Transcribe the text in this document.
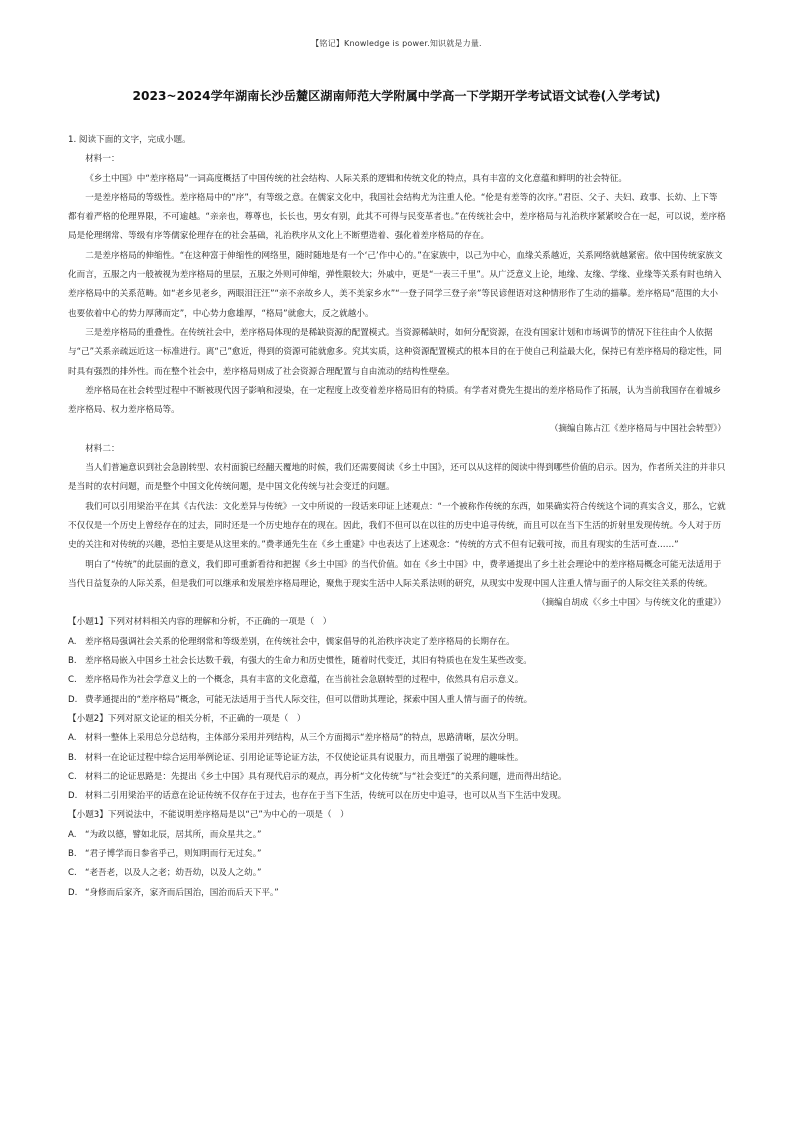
【铭记】Knowledge is power.知识就是力量.
2023~2024学年湖南长沙岳麓区湖南师范大学附属中学高一下学期开学考试语文试卷(入学考试)

1. 阅读下面的文字，完成小题。

材料一：

《乡土中国》中“差序格局”一词高度概括了中国传统的社会结构、人际关系的逻辑和传统文化的特点，具有丰富的文化意蕴和鲜明的社会特征。

一是差序格局的等级性。差序格局中的“序”，有等级之意。在儒家文化中，我国社会结构尤为注重人伦。“伦是有差等的次序。”君臣、父子、夫妇、政事、长幼、上下等都有着严格的伦理界限，不可逾越。“亲亲也，尊尊也，长长也，男女有别，此其不可得与民变革者也。”在传统社会中，差序格局与礼治秩序紧紧咬合在一起，可以说，差序格局是伦理纲常、等级有序等儒家伦理存在的社会基础，礼治秩序从文化上不断塑造着、强化着差序格局的存在。

二是差序格局的伸缩性。“在这种富于伸缩性的网络里，随时随地是有一个‘己’作中心的。”在家族中，以己为中心，血缘关系越近，关系网络就越紧密。依中国传统家族文化而言，五服之内一般被视为差序格局的里层，五服之外则可伸缩，弹性限较大；外戚中，更是“一表三千里”。从广泛意义上论，地缘、友缘、学缘、业缘等关系有时也纳入差序格局中的关系范畴。如“老乡见老乡，两眼泪汪汪”“亲不亲故乡人，美不美家乡水”“一登子同学三登子亲”等民谚俚语对这种情形作了生动的描摹。差序格局“范围的大小也要依着中心的势力厚薄而定”，中心势力愈雄厚，“格局”就愈大，反之就越小。

三是差序格局的重叠性。在传统社会中，差序格局体现的是稀缺资源的配置模式。当资源稀缺时，如何分配资源，在没有国家计划和市场调节的情况下往往由个人依据与“己”关系亲疏远近这一标准进行。离“己”愈近，得到的资源可能就愈多。究其实质，这种资源配置模式的根本目的在于使自己利益最大化，保持已有差序格局的稳定性，同时具有强烈的排外性。而在整个社会中，差序格局则成了社会资源合理配置与自由流动的结构性壁垒。

差序格局在社会转型过程中不断被现代因子影响和浸染，在一定程度上改变着差序格局旧有的特质。有学者对费先生提出的差序格局作了拓展，认为当前我国存在着城乡差序格局、权力差序格局等。

（摘编自陈占江《差序格局与中国社会转型》）

材料二：

当人们普遍意识到社会急剧转型、农村面貌已经翻天覆地的时候，我们还需要阅读《乡土中国》，还可以从这样的阅读中得到哪些价值的启示。因为，作者所关注的并非只是当时的农村问题，而是整个中国文化传统问题，是中国文化传统与社会变迁的问题。

我们可以引用梁治平在其《古代法：文化差异与传统》一文中所说的一段话来印证上述观点：“一个被称作传统的东西，如果确实符合传统这个词的真实含义，那么，它就不仅仅是一个历史上曾经存在的过去，同时还是一个历史地存在的现在。因此，我们不但可以在以往的历史中追寻传统，而且可以在当下生活的折射里发现传统。今人对于历史的关注和对传统的兴趣，恐怕主要是从这里来的。”费孝通先生在《乡土重建》中也表达了上述观念：“传统的方式不但有记载可按，而且有现实的生活可查……”

明白了“传统”的此层面的意义，我们即可重新看待和把握《乡土中国》的当代价值。如在《乡土中国》中，费孝通提出了乡土社会理论中的差序格局概念可能无法适用于当代日益复杂的人际关系，但是我们可以继承和发展差序格局理论，聚焦于现实生活中人际关系法则的研究，从现实中发现中国人注重人情与面子的人际交往关系的传统。

（摘编自胡成《〈乡土中国〉与传统文化的重建》）

【小题1】下列对材料相关内容的理解和分析，不正确的一项是（　）

A. 差序格局强调社会关系的伦理纲常和等级差别，在传统社会中，儒家倡导的礼治秩序决定了差序格局的长期存在。

B. 差序格局嵌入中国乡土社会长达数千载，有强大的生命力和历史惯性，随着时代变迁，其旧有特质也在发生某些改变。

C. 差序格局作为社会学意义上的一个概念，具有丰富的文化意蕴，在当前社会急剧转型的过程中，依然具有启示意义。

D. 费孝通提出的“差序格局”概念，可能无法适用于当代人际交往，但可以借助其理论，探索中国人重人情与面子的传统。

【小题2】下列对原文论证的相关分析，不正确的一项是（　）

A. 材料一整体上采用总分总结构，主体部分采用并列结构，从三个方面揭示“差序格局”的特点，思路清晰，层次分明。

B. 材料一在论证过程中综合运用举例论证、引用论证等论证方法，不仅使论证具有说服力，而且增强了说理的趣味性。

C. 材料二的论证思路是：先提出《乡土中国》具有现代启示的观点，再分析“文化传统”与“社会变迁”的关系问题，进而得出结论。

D. 材料二引用梁治平的话意在论证传统不仅存在于过去，也存在于当下生活，传统可以在历史中追寻，也可以从当下生活中发现。

【小题3】下列说法中，不能说明差序格局是以“己”为中心的一项是（　）

A. “为政以德，譬如北辰，居其所，而众星共之。”

B. “君子博学而日参省乎己，则知明而行无过矣。”

C. “老吾老，以及人之老；幼吾幼，以及人之幼。”

D. “身修而后家齐，家齐而后国治，国治而后天下平。”
